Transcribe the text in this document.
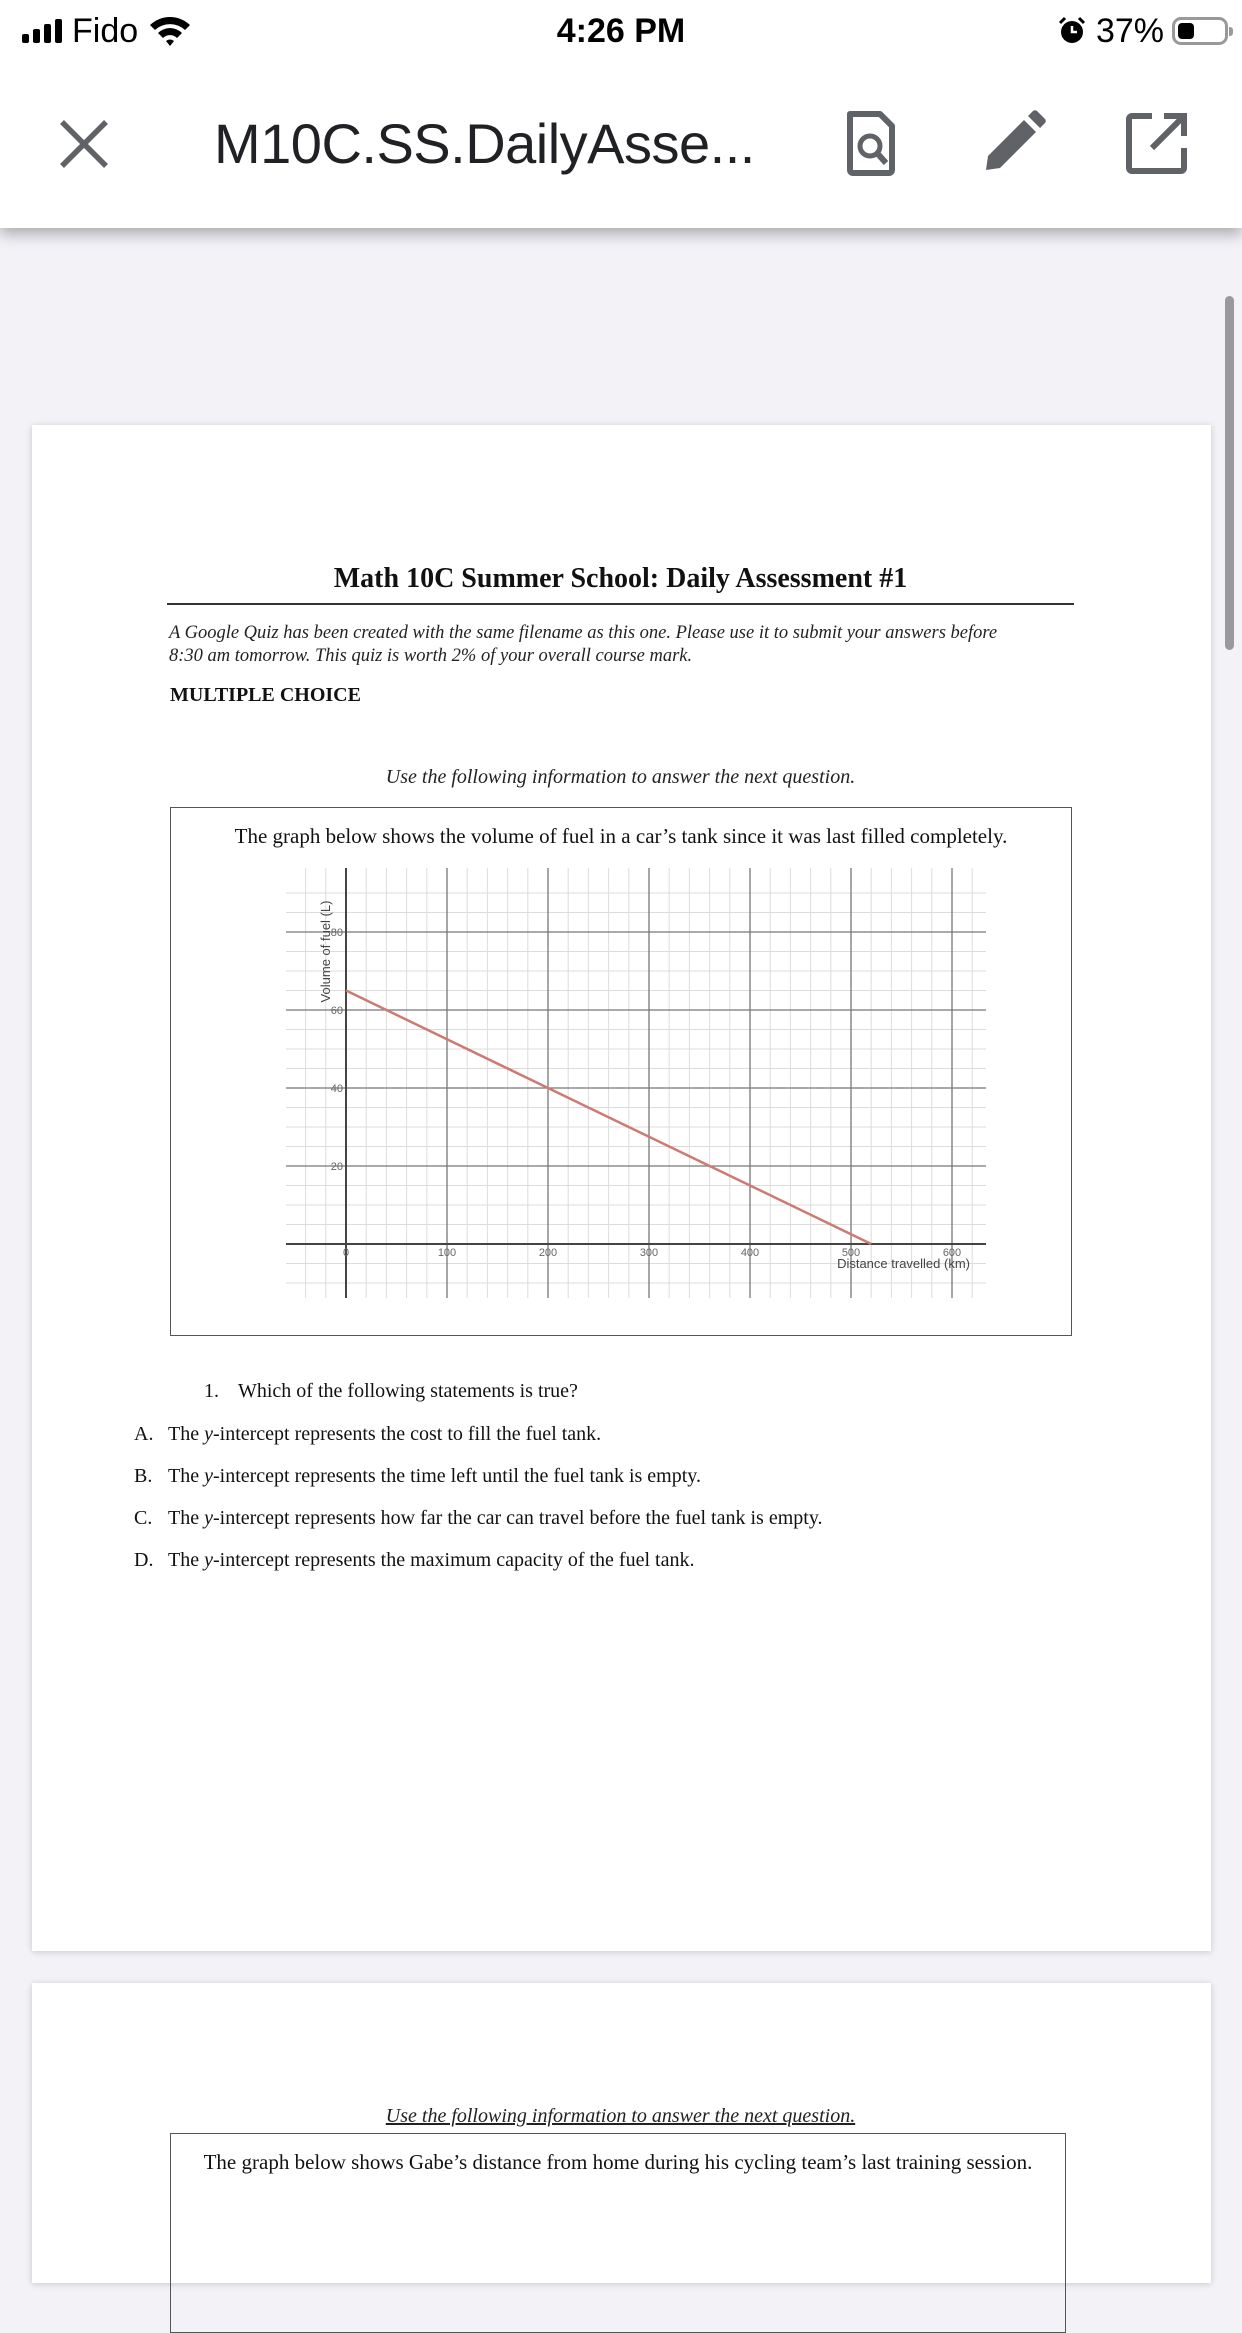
Fido	4:26 PM	37%
M10C.SS.DailyAsse...
Math 10C Summer School: Daily Assessment #1
A Google Quiz has been created with the same filename as this one. Please use it to submit your answers before
8:30 am tomorrow. This quiz is worth 2% of your overall course mark.
MULTIPLE CHOICE
Use the following information to answer the next question.
The graph below shows the volume of fuel in a car’s tank since it was last filled completely.
0	100	200	300	400	500	600
20
40
60
80
Distance travelled (km)
Volume of fuel (L)
1. Which of the following statements is true?
A. The y-intercept represents the cost to fill the fuel tank.
B. The y-intercept represents the time left until the fuel tank is empty.
C. The y-intercept represents how far the car can travel before the fuel tank is empty.
D. The y-intercept represents the maximum capacity of the fuel tank.
Use the following information to answer the next question.
The graph below shows Gabe’s distance from home during his cycling team’s last training session.
